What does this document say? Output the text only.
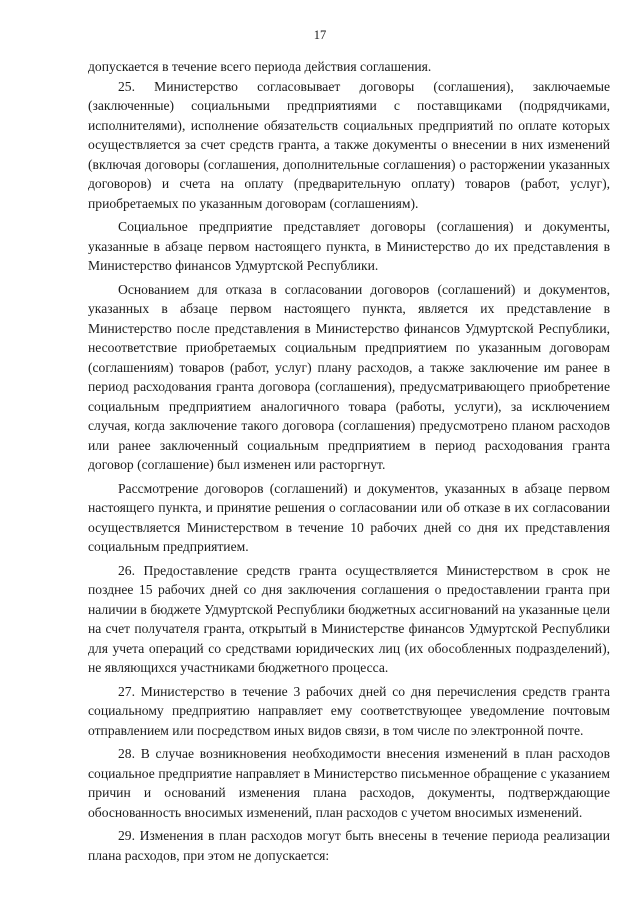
17

допускается в течение всего периода действия соглашения.

25. Министерство согласовывает договоры (соглашения), заключаемые (заключенные) социальными предприятиями с поставщиками (подрядчиками, исполнителями), исполнение обязательств социальных предприятий по оплате которых осуществляется за счет средств гранта, а также документы о внесении в них изменений (включая договоры (соглашения, дополнительные соглашения) о расторжении указанных договоров) и счета на оплату (предварительную оплату) товаров (работ, услуг), приобретаемых по указанным договорам (соглашениям).

Социальное предприятие представляет договоры (соглашения) и документы, указанные в абзаце первом настоящего пункта, в Министерство до их представления в Министерство финансов Удмуртской Республики.

Основанием для отказа в согласовании договоров (соглашений) и документов, указанных в абзаце первом настоящего пункта, является их представление в Министерство после представления в Министерство финансов Удмуртской Республики, несоответствие приобретаемых социальным предприятием по указанным договорам (соглашениям) товаров (работ, услуг) плану расходов, а также заключение им ранее в период расходования гранта договора (соглашения), предусматривающего приобретение социальным предприятием аналогичного товара (работы, услуги), за исключением случая, когда заключение такого договора (соглашения) предусмотрено планом расходов или ранее заключенный социальным предприятием в период расходования гранта договор (соглашение) был изменен или расторгнут.

Рассмотрение договоров (соглашений) и документов, указанных в абзаце первом настоящего пункта, и принятие решения о согласовании или об отказе в их согласовании осуществляется Министерством в течение 10 рабочих дней со дня их представления социальным предприятием.

26. Предоставление средств гранта осуществляется Министерством в срок не позднее 15 рабочих дней со дня заключения соглашения о предоставлении гранта при наличии в бюджете Удмуртской Республики бюджетных ассигнований на указанные цели на счет получателя гранта, открытый в Министерстве финансов Удмуртской Республики для учета операций со средствами юридических лиц (их обособленных подразделений), не являющихся участниками бюджетного процесса.

27. Министерство в течение 3 рабочих дней со дня перечисления средств гранта социальному предприятию направляет ему соответствующее уведомление почтовым отправлением или посредством иных видов связи, в том числе по электронной почте.

28. В случае возникновения необходимости внесения изменений в план расходов социальное предприятие направляет в Министерство письменное обращение с указанием причин и оснований изменения плана расходов, документы, подтверждающие обоснованность вносимых изменений, план расходов с учетом вносимых изменений.

29. Изменения в план расходов могут быть внесены в течение периода реализации плана расходов, при этом не допускается:
